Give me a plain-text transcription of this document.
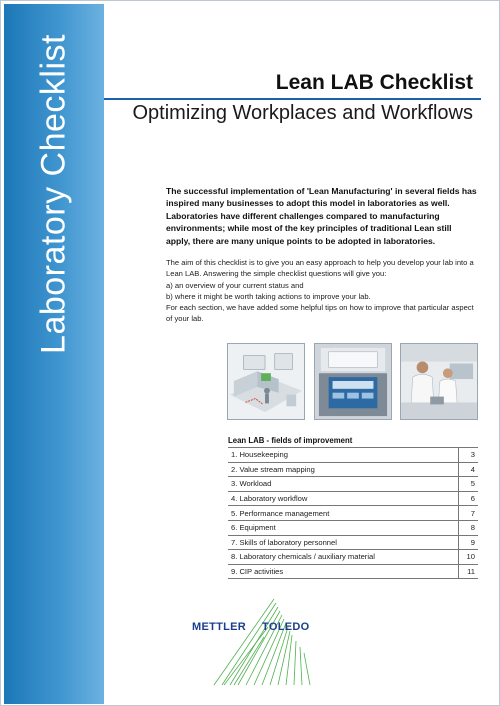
Laboratory Checklist	Lean LAB Checklist
Optimizing Workplaces and Workflows

The successful implementation of 'Lean Manufacturing' in several fields has inspired many businesses to adopt this model in laboratories as well. Laboratories have different challenges compared to manufacturing environments; while most of the key principles of traditional Lean still apply, there are many unique points to be adopted in laboratories.

The aim of this checklist is to give you an easy approach to help you develop your lab into a Lean LAB. Answering the simple checklist questions will give you:
a) an overview of your current status and
b) where it might be worth taking actions to improve your lab.
For each section, we have added some helpful tips on how to improve that particular aspect of your lab.
Lean LAB - fields of improvement
1. Housekeeping	3
2. Value stream mapping	4
3. Workload	5
4. Laboratory workflow	6
5. Performance management	7
6. Equipment	8
7. Skills of laboratory personnel	9
8. Laboratory chemicals / auxiliary material	10
9. CIP activities	11
METTLER TOLEDO
